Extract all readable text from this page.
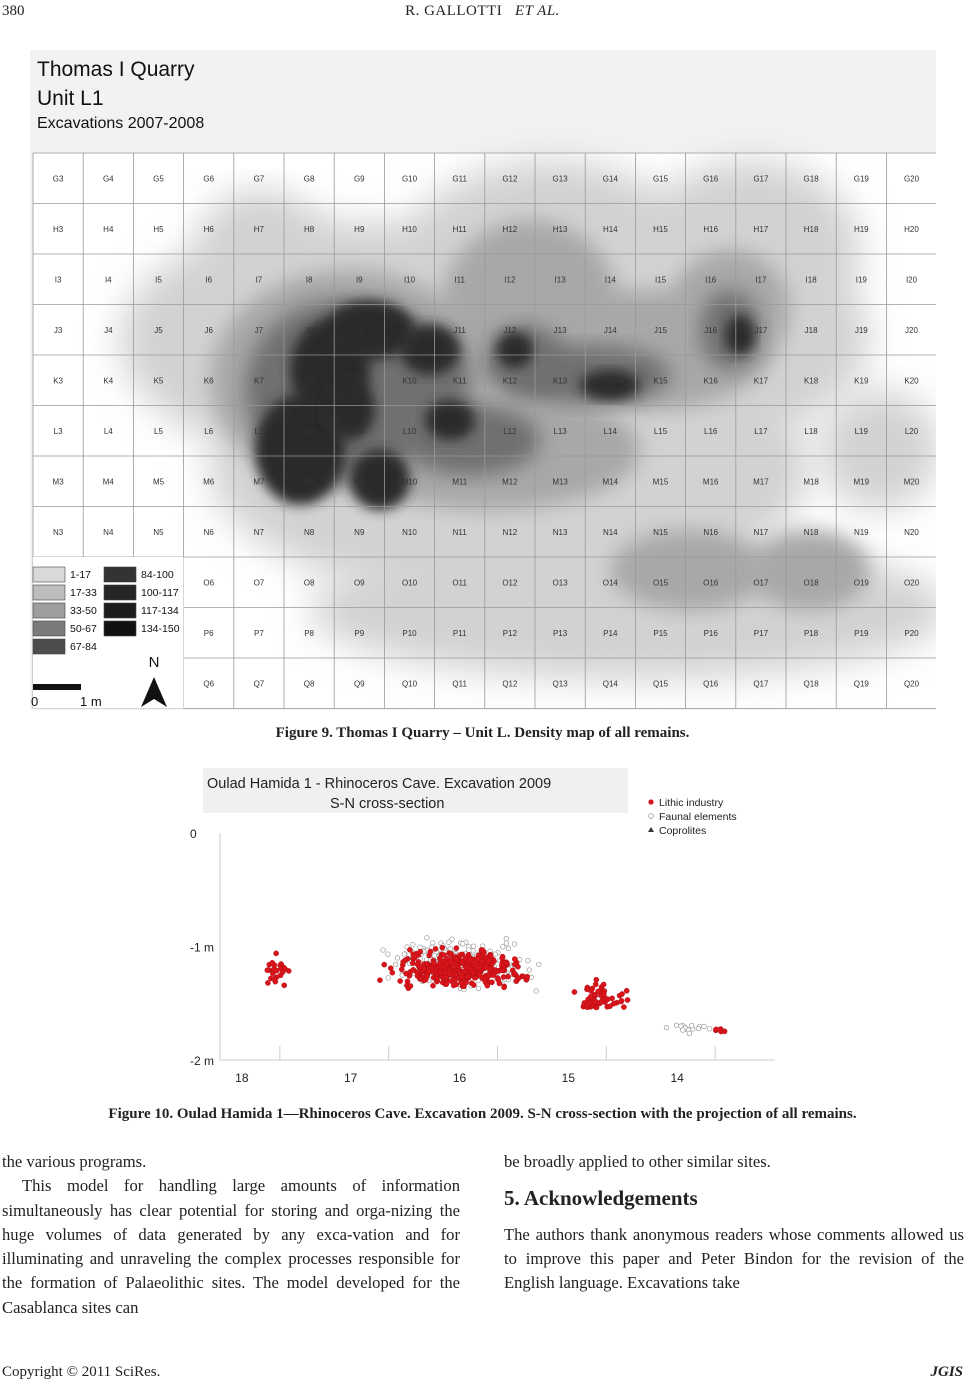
380	R. GALLOTTI ET AL.
Thomas I Quarry
Unit L1
Excavations 2007-2008
G3	G4	G5	G6	G7	G8	G9	G10	G11	G12	G13	G14	G15	G16	G17	G18	G19	G20
H3	H4	H5	H6	H7	H8	H9	H10	H11	H12	H13	H14	H15	H16	H17	H18	H19	H20
I3	I4	I5	I6	I7	I8	I9	I10	I11	I12	I13	I14	I15	I16	I17	I18	I19	I20
J3	J4	J5	J6	J7	J8	J9	J10	J11	J12	J13	J14	J15	J16	J17	J18	J19	J20
K3	K4	K5	K6	K7	K8	K9	K10	K11	K12	K13	K14	K15	K16	K17	K18	K19	K20
L3	L4	L5	L6	L7	L8	L9	L10	L11	L12	L13	L14	L15	L16	L17	L18	L19	L20
M3	M4	M5	M6	M7	M8	M9	M10	M11	M12	M13	M14	M15	M16	M17	M18	M19	M20
N3	N4	N5	N6	N7	N8	N9	N10	N11	N12	N13	N14	N15	N16	N17	N18	N19	N20
O6	O7	O8	O9	O10	O11	O12	O13	O14	O15	O16	O17	O18	O19	O20
P6	P7	P8	P9	P10	P11	P12	P13	P14	P15	P16	P17	P18	P19	P20
Q6	Q7	Q8	Q9	Q10	Q11	Q12	Q13	Q14	Q15	Q16	Q17	Q18	Q19	Q20
1-17
17-33
33-50
50-67
67-84
84-100
100-117
117-134
134-150
N
0	1 m
Figure 9. Thomas I Quarry – Unit L. Density map of all remains.
Oulad Hamida 1 - Rhinoceros Cave. Excavation 2009
S-N cross-section
0
-1 m
-2 m
18	17	16	15	14
Lithic industry
Faunal elements
Coprolites
Figure 10. Oulad Hamida 1—Rhinoceros Cave. Excavation 2009. S-N cross-section with the projection of all remains.

the various programs.

This model for handling large amounts of information simultaneously has clear potential for storing and orga-nizing the huge volumes of data generated by any exca-vation and for illuminating and unraveling the complex processes responsible for the formation of Palaeolithic sites. The model developed for the Casablanca sites can

be broadly applied to other similar sites.

5. Acknowledgements

The authors thank anonymous readers whose comments allowed us to improve this paper and Peter Bindon for the revision of the English language. Excavations take

Copyright © 2011 SciRes.	JGIS
